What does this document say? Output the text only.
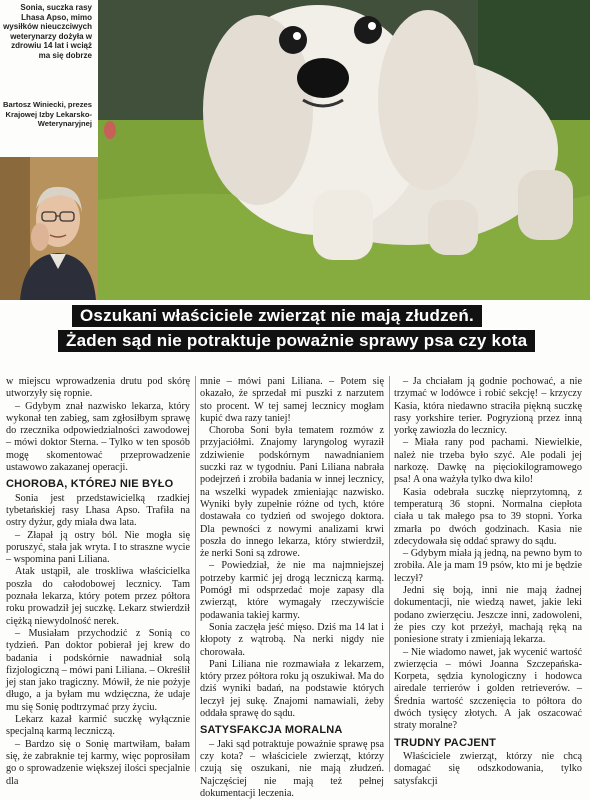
Sonia, suczka rasy Lhasa Apso, mimo wysiłków nieuczciwych weterynarzy dożyła w zdrowiu 14 lat i wciąż ma się dobrze
Bartosz Winiecki, prezes Krajowej Izby Lekarsko-Weterynaryjnej
Oszukani właściciele zwierząt nie mają złudzeń.
Żaden sąd nie potraktuje poważnie sprawy psa czy kota

w miejscu wprowadzenia drutu pod skórę utworzyły się ropnie.

– Gdybym znał nazwisko lekarza, który wykonał ten zabieg, sam zgłosiłbym sprawę do rzecznika odpowiedzialności zawodowej – mówi doktor Sterna. – Tylko w ten sposób mogę skomentować przeprowadzenie ustawowo zakazanej operacji.

CHOROBA, KTÓREJ NIE BYŁO

Sonia jest przedstawicielką rzadkiej tybetańskiej rasy Lhasa Apso. Trafiła na ostry dyżur, gdy miała dwa lata.

– Złapał ją ostry ból. Nie mogła się poruszyć, stała jak wryta. I to straszne wycie – wspomina pani Liliana.

Atak ustąpił, ale troskliwa właścicielka poszła do całodobowej lecznicy. Tam poznała lekarza, który potem przez półtora roku prowadził jej suczkę. Lekarz stwierdził ciężką niewydolność nerek.

– Musiałam przychodzić z Sonią co tydzień. Pan doktor pobierał jej krew do badania i podskórnie nawadniał solą fizjologiczną – mówi pani Liliana. – Określił jej stan jako tragiczny. Mówił, że nie pożyje długo, a ja byłam mu wdzięczna, że udaje mu się Sonię podtrzymać przy życiu.

Lekarz kazał karmić suczkę wyłącznie specjalną karmą leczniczą.

– Bardzo się o Sonię martwiłam, bałam się, że zabraknie tej karmy, więc poprosiłam go o sprowadzenie większej ilości specjalnie dla

mnie – mówi pani Liliana. – Potem się okazało, że sprzedał mi puszki z narzutem sto procent. W tej samej lecznicy mogłam kupić dwa razy taniej!

Choroba Soni była tematem rozmów z przyjaciółmi. Znajomy laryngolog wyraził zdziwienie podskórnym nawadnianiem suczki raz w tygodniu. Pani Liliana nabrała podejrzeń i zrobiła badania w innej lecznicy, na wszelki wypadek zmieniając nazwisko. Wyniki były zupełnie różne od tych, które dostawała co tydzień od swojego doktora. Dla pewności z nowymi analizami krwi poszła do innego lekarza, który stwierdził, że nerki Soni są zdrowe.

– Powiedział, że nie ma najmniejszej potrzeby karmić jej drogą leczniczą karmą. Pomógł mi odsprzedać moje zapasy dla zwierząt, które wymagały rzeczywiście podawania takiej karmy.

Sonia zaczęła jeść mięso. Dziś ma 14 lat i kłopoty z wątrobą. Na nerki nigdy nie chorowała.

Pani Liliana nie rozmawiała z lekarzem, który przez półtora roku ją oszukiwał. Ma do dziś wyniki badań, na podstawie których leczył jej sukę. Znajomi namawiali, żeby oddała sprawę do sądu.

SATYSFAKCJA MORALNA

– Jaki sąd potraktuje poważnie sprawę psa czy kota? – właściciele zwierząt, którzy czują się oszukani, nie mają złudzeń. Najczęściej nie mają też pełnej dokumentacji leczenia.

– Ja chciałam ją godnie pochować, a nie trzymać w lodówce i robić sekcję! – krzyczy Kasia, która niedawno straciła piękną suczkę rasy yorkshire terier. Pogryzioną przez inną yorkę zawiozła do lecznicy.

– Miała rany pod pachami. Niewielkie, należ nie trzeba było szyć. Ale podali jej narkozę. Dawkę na pięciokilogramowego psa! A ona ważyła tylko dwa kilo!

Kasia odebrała suczkę nieprzytomną, z temperaturą 36 stopni. Normalna ciepłota ciała u tak małego psa to 39 stopni. Yorka zmarła po dwóch godzinach. Kasia nie zdecydowała się oddać sprawy do sądu.

– Gdybym miała ją jedną, na pewno bym to zrobiła. Ale ja mam 19 psów, kto mi je będzie leczył?

Jedni się boją, inni nie mają żadnej dokumentacji, nie wiedzą nawet, jakie leki podano zwierzęciu. Jeszcze inni, zadowoleni, że pies czy kot przeżył, machają ręką na poniesione straty i zmieniają lekarza.

– Nie wiadomo nawet, jak wycenić wartość zwierzęcia – mówi Joanna Szczepańska-Korpeta, sędzia kynologiczny i hodowca airedale terrierów i golden retrieverów. – Średnia wartość szczenięcia to półtora do dwóch tysięcy złotych. A jak oszacować straty moralne?

TRUDNY PACJENT

Właściciele zwierząt, którzy nie chcą domagać się odszkodowania, tylko satysfakcji
